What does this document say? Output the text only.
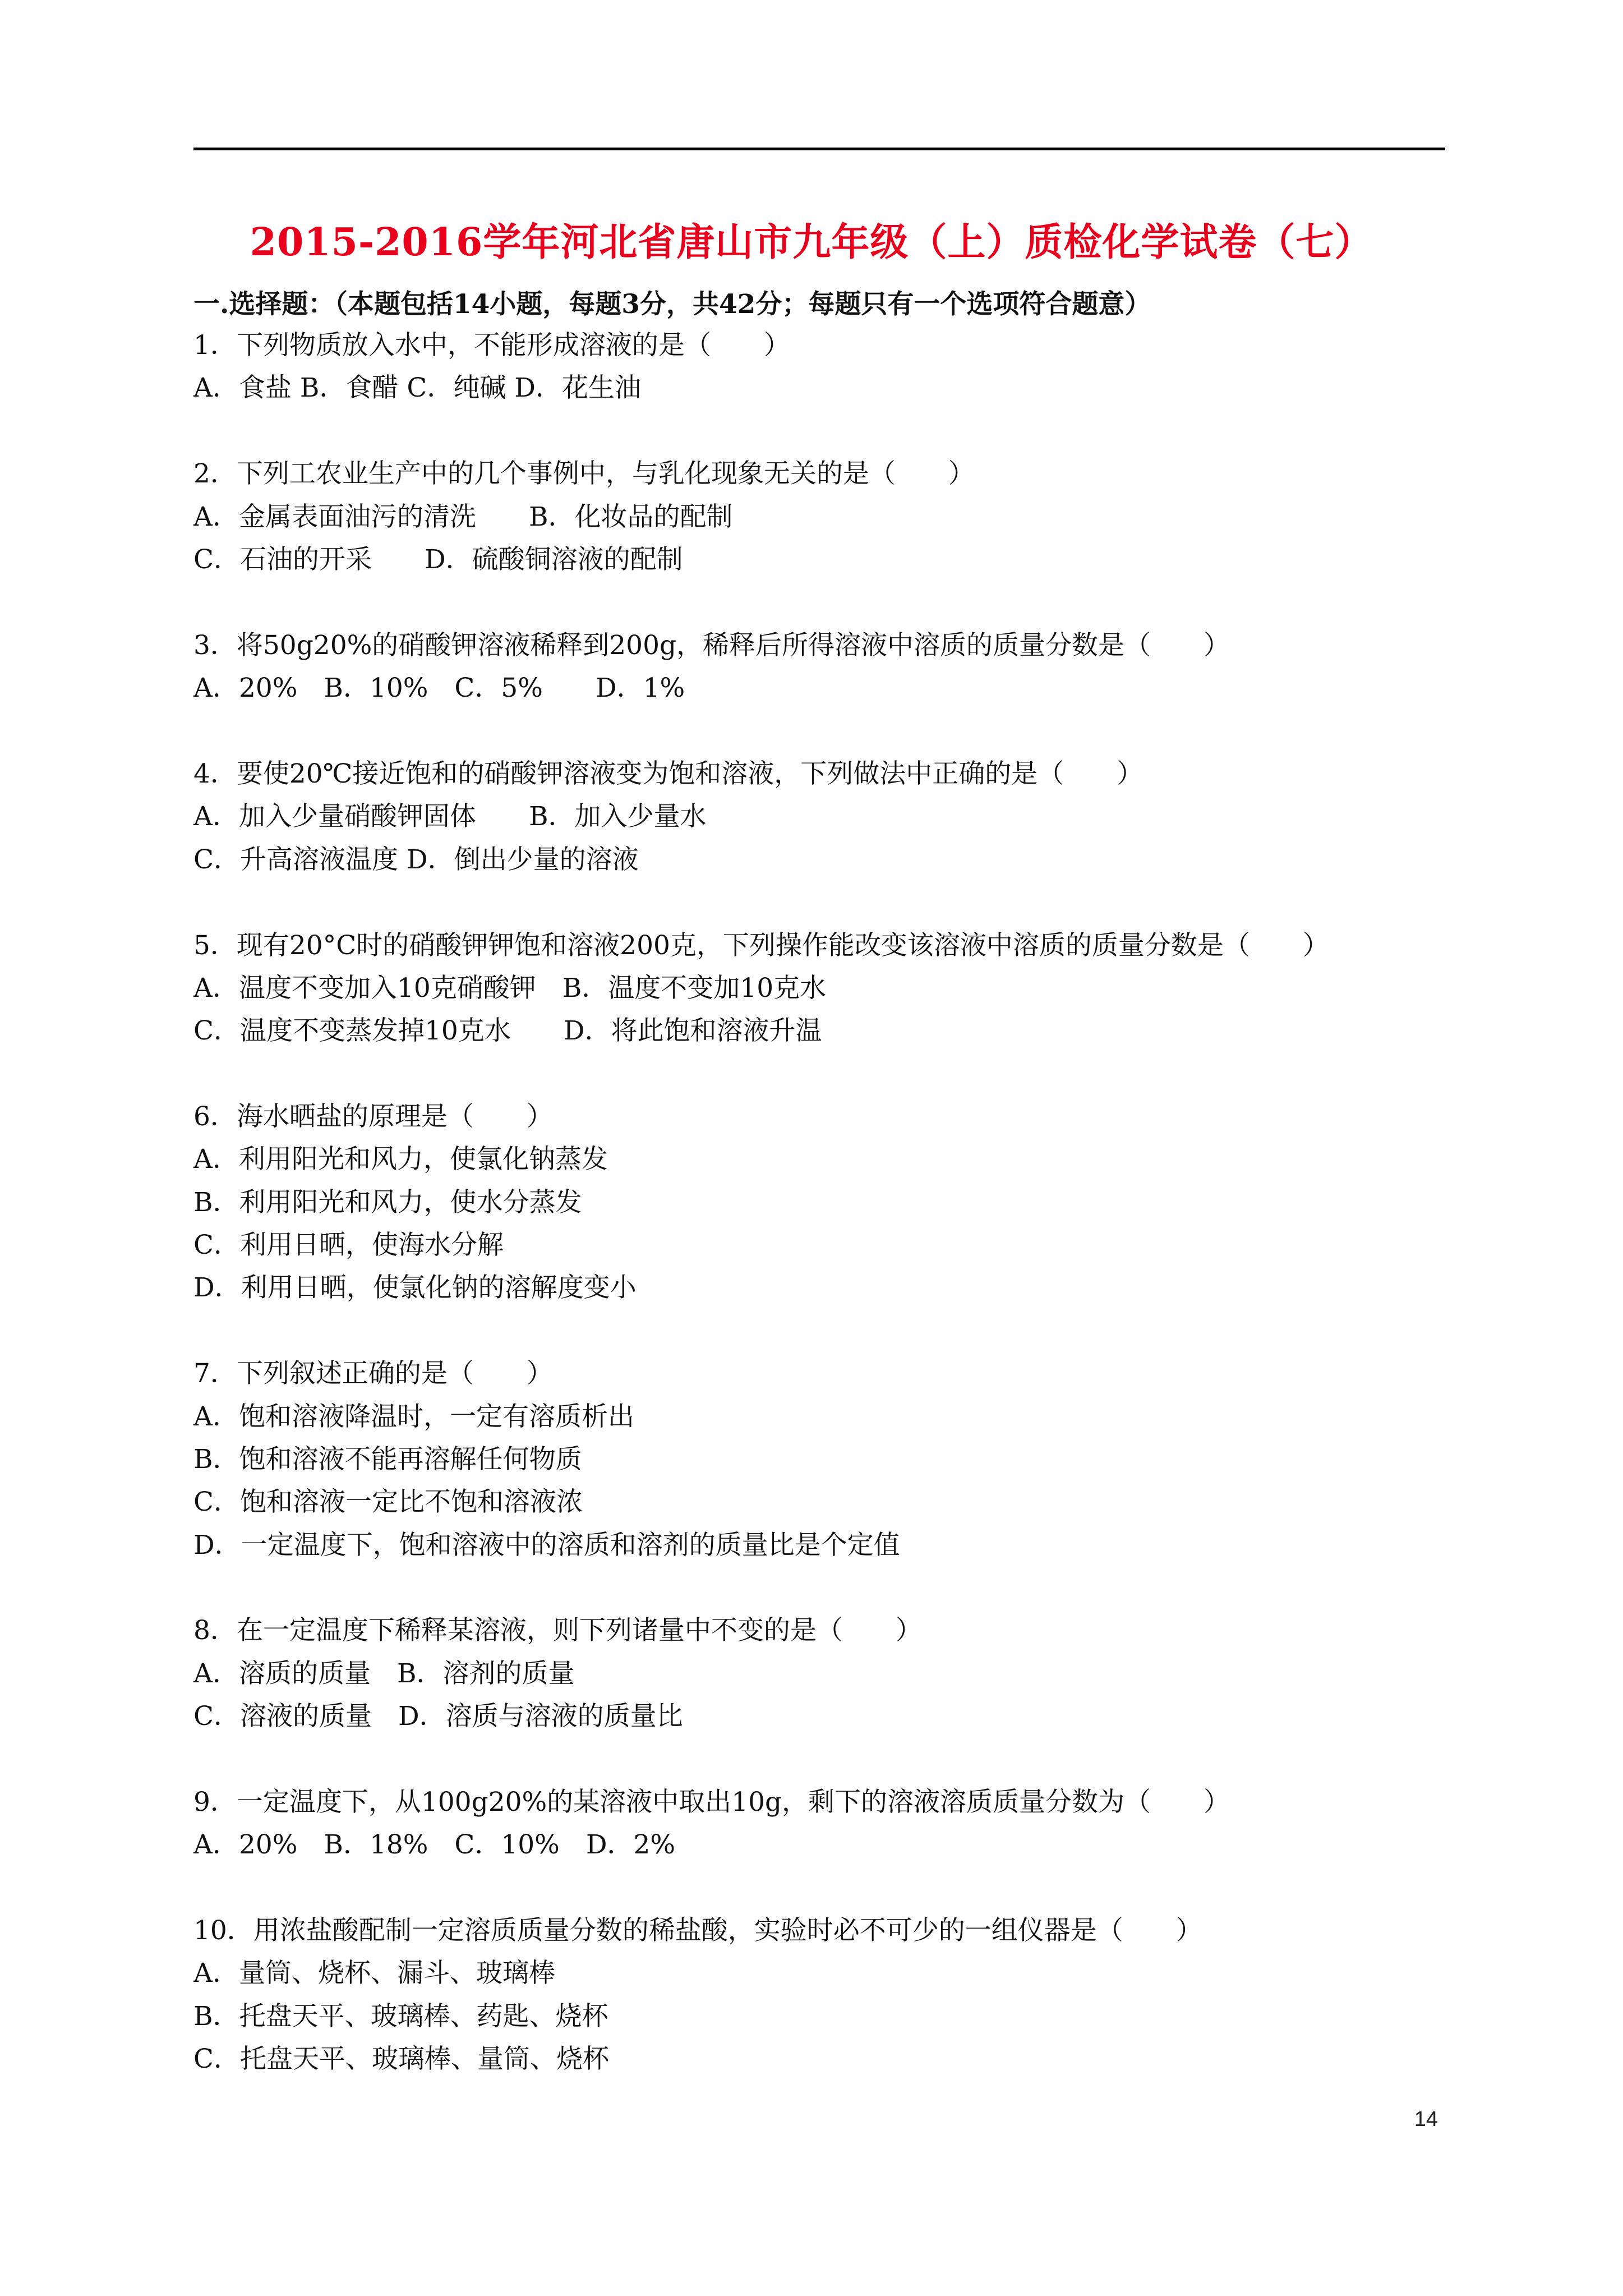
2015-2016学年河北省唐山市九年级（上）质检化学试卷（七）
一.选择题：（本题包括14小题，每题3分，共42分；每题只有一个选项符合题意）
1．下列物质放入水中，不能形成溶液的是（　　）
A．食盐 B．食醋 C．纯碱 D．花生油
2．下列工农业生产中的几个事例中，与乳化现象无关的是（　　）
A．金属表面油污的清洗　　B．化妆品的配制
C．石油的开采　　D．硫酸铜溶液的配制
3．将50g20%的硝酸钾溶液稀释到200g，稀释后所得溶液中溶质的质量分数是（　　）
A．20%　B．10%　C．5%　　D．1%
4．要使20℃接近饱和的硝酸钾溶液变为饱和溶液，下列做法中正确的是（　　）
A．加入少量硝酸钾固体　　B．加入少量水
C．升高溶液温度 D．倒出少量的溶液
5．现有20°C时的硝酸钾钾饱和溶液200克，下列操作能改变该溶液中溶质的质量分数是（　　）
A．温度不变加入10克硝酸钾　B．温度不变加10克水
C．温度不变蒸发掉10克水　　D．将此饱和溶液升温
6．海水晒盐的原理是（　　）
A．利用阳光和风力，使氯化钠蒸发
B．利用阳光和风力，使水分蒸发
C．利用日晒，使海水分解
D．利用日晒，使氯化钠的溶解度变小
7．下列叙述正确的是（　　）
A．饱和溶液降温时，一定有溶质析出
B．饱和溶液不能再溶解任何物质
C．饱和溶液一定比不饱和溶液浓
D．一定温度下，饱和溶液中的溶质和溶剂的质量比是个定值
8．在一定温度下稀释某溶液，则下列诸量中不变的是（　　）
A．溶质的质量　B．溶剂的质量
C．溶液的质量　D．溶质与溶液的质量比
9．一定温度下，从100g20%的某溶液中取出10g，剩下的溶液溶质质量分数为（　　）
A．20%　B．18%　C．10%　D．2%
10．用浓盐酸配制一定溶质质量分数的稀盐酸，实验时必不可少的一组仪器是（　　）
A．量筒、烧杯、漏斗、玻璃棒
B．托盘天平、玻璃棒、药匙、烧杯
C．托盘天平、玻璃棒、量筒、烧杯
14
